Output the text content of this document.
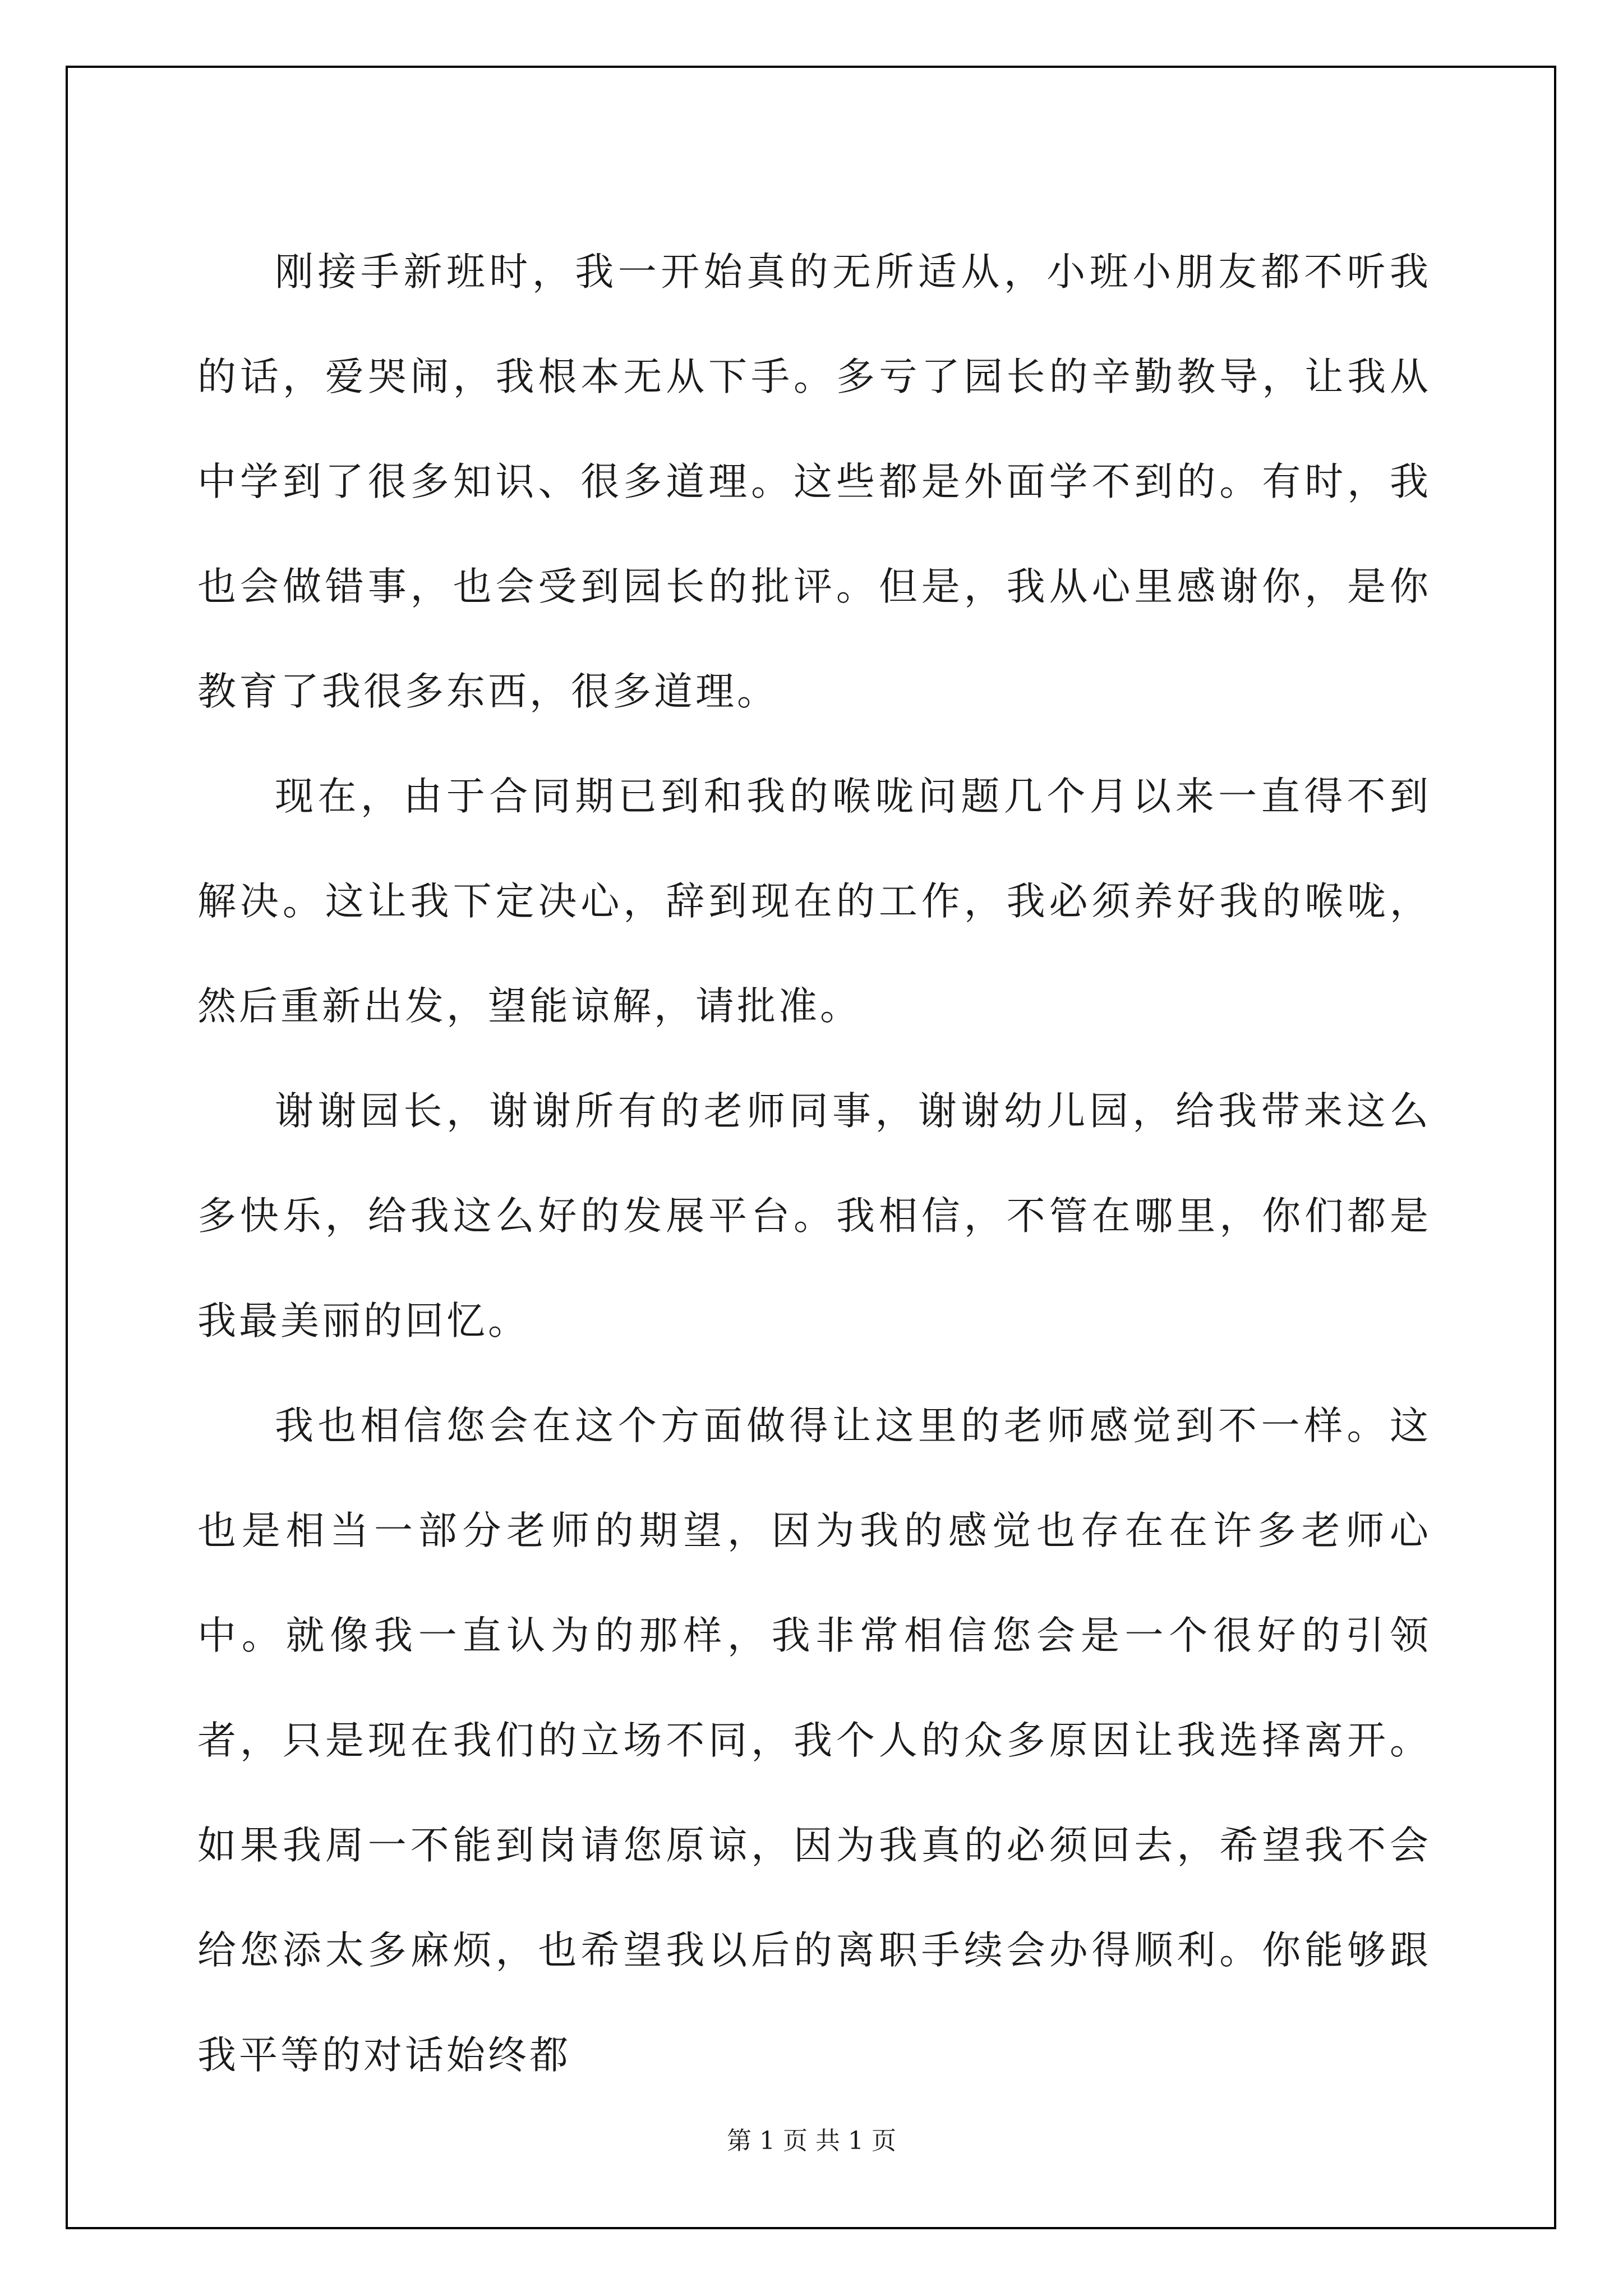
刚接手新班时，我一开始真的无所适从，小班小朋友都不听我的话，爱哭闹，我根本无从下手。多亏了园长的辛勤教导，让我从中学到了很多知识、很多道理。这些都是外面学不到的。有时，我也会做错事，也会受到园长的批评。但是，我从心里感谢你，是你教育了我很多东西，很多道理。

现在，由于合同期已到和我的喉咙问题几个月以来一直得不到解决。这让我下定决心，辞到现在的工作，我必须养好我的喉咙，然后重新出发，望能谅解，请批准。

谢谢园长，谢谢所有的老师同事，谢谢幼儿园，给我带来这么多快乐，给我这么好的发展平台。我相信，不管在哪里，你们都是我最美丽的回忆。

我也相信您会在这个方面做得让这里的老师感觉到不一样。这也是相当一部分老师的期望，因为我的感觉也存在在许多老师心中。就像我一直认为的那样，我非常相信您会是一个很好的引领者，只是现在我们的立场不同，我个人的众多原因让我选择离开。如果我周一不能到岗请您原谅，因为我真的必须回去，希望我不会给您添太多麻烦，也希望我以后的离职手续会办得顺利。你能够跟我平等的对话始终都

第 1 页 共 1 页
